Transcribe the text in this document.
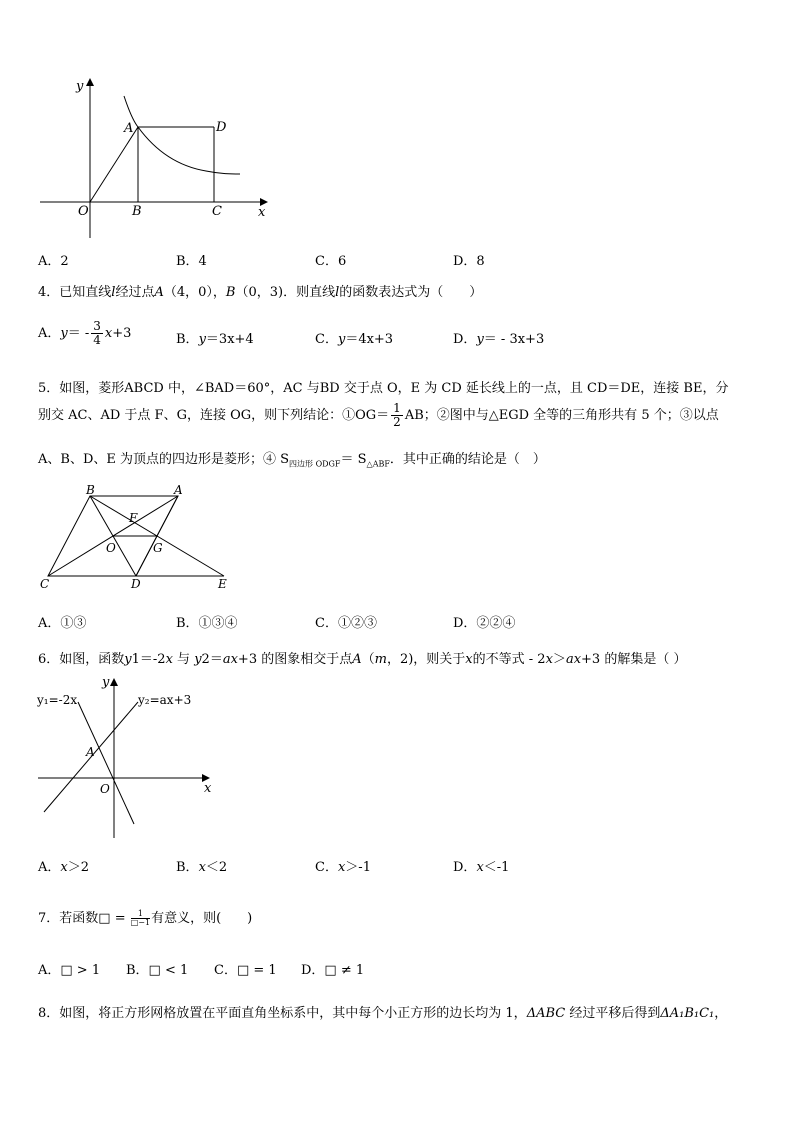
y
A	D
O	B	C	x
A．2	B．4	C．6	D．8
4．已知直线l经过点A（4，0），B（0，3)．则直线l的函数表达式为（　　）
A．$y= - \frac{3}{4} x+3$	B．y＝3x+4	C．y＝4x+3	D．y＝ - 3x+3
5．如图，菱形ABCD 中，∠BAD＝60°，AC 与BD 交于点 O，E 为 CD 延长线上的一点，且 CD＝DE，连接 BE，分
别交 AC、AD 于点 F、G，连接 OG，则下列结论：①OG＝ $\frac{1}{2}$ AB；②图中与△EGD 全等的三角形共有 5 个；③以点
A、B、D、E 为顶点的四边形是菱形；④ $S_{四边形 ODGF}= S_{\triangle ABF}$．其中正确的结论是（　）
B	A
F
O	G
C	D	E
A．①③	B．①③④	C．①②③	D．②②④
6．如图，函数y1＝-2x 与 y2＝ax+3 的图象相交于点A（m，2)，则关于x的不等式 - 2x＞ax+3 的解集是（ ）
y₁=-2x	y₂=ax+3
y
A
O	x
A．x＞2	B．x＜2	C．x＞-1	D．x＜-1
7．若函数□ = $\frac{1}{□-1}$ 有意义，则(　　)
A．□ > 1 B．□ < 1 C．□ = 1 D．□ ≠ 1
8．如图，将正方形网格放置在平面直角坐标系中，其中每个小正方形的边长均为 1，ΔABC 经过平移后得到ΔA₁B₁C₁，
